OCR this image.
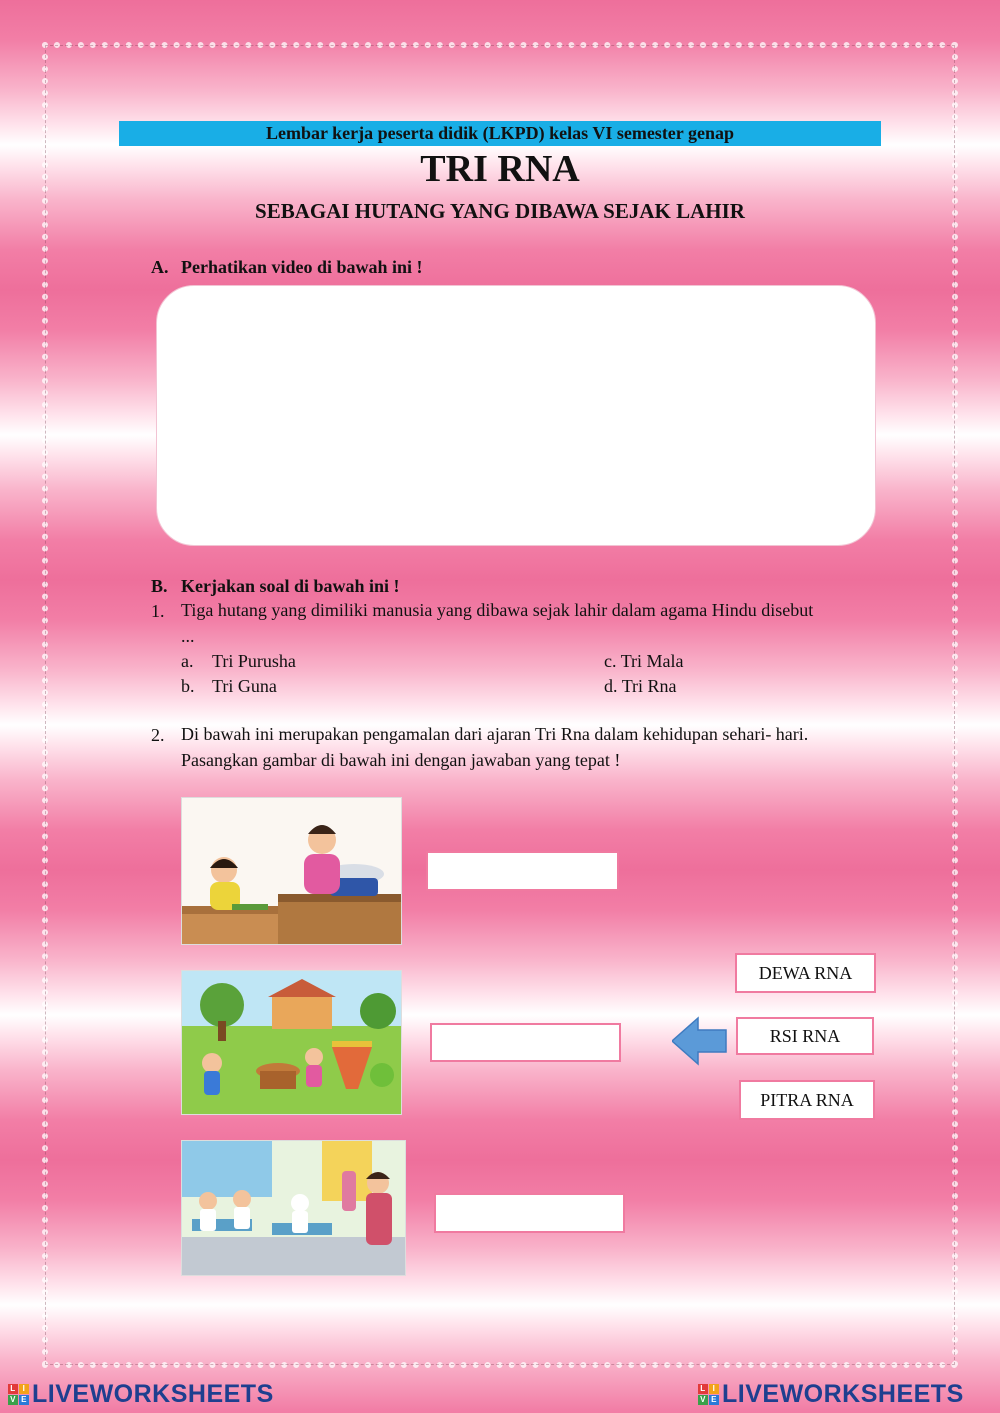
Lembar kerja peserta didik (LKPD) kelas VI semester genap
TRI RNA
SEBAGAI HUTANG YANG DIBAWA SEJAK LAHIR
A. Perhatikan video di bawah ini !
B. Kerjakan soal di bawah ini !
1. Tiga hutang yang dimiliki manusia yang dibawa sejak lahir dalam agama Hindu disebut
...
a. Tri Purusha
b. Tri Guna
c. Tri Mala
d. Tri Rna
2. Di bawah ini merupakan pengamalan dari ajaran Tri Rna dalam kehidupan sehari- hari.
Pasangkan gambar di bawah ini dengan jawaban yang tepat !
DEWA RNA
RSI RNA
PITRA RNA
L I
V E LIVEWORKSHEETS	L I
V E LIVEWORKSHEETS
